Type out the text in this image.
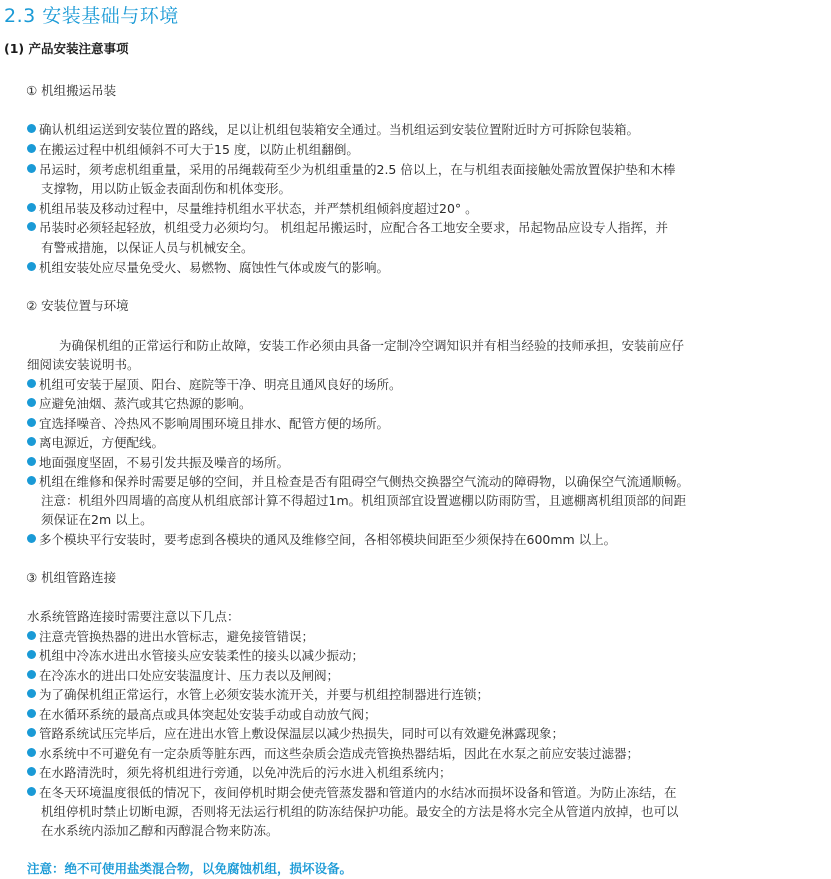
2.3 安装基础与环境
(1) 产品安装注意事项
① 机组搬运吊装
确认机组运送到安装位置的路线，足以让机组包装箱安全通过。当机组运到安装位置附近时方可拆除包装箱。
在搬运过程中机组倾斜不可大于15 度，以防止机组翻倒。
吊运时，须考虑机组重量，采用的吊绳载荷至少为机组重量的2.5 倍以上，在与机组表面接触处需放置保护垫和木棒
支撑物，用以防止钣金表面刮伤和机体变形。
机组吊装及移动过程中，尽量维持机组水平状态，并严禁机组倾斜度超过20° 。
吊装时必须轻起轻放，机组受力必须均匀。 机组起吊搬运时，应配合各工地安全要求，吊起物品应设专人指挥，并
有警戒措施，以保证人员与机械安全。
机组安装处应尽量免受火、易燃物、腐蚀性气体或废气的影响。
② 安装位置与环境
为确保机组的正常运行和防止故障，安装工作必须由具备一定制冷空调知识并有相当经验的技师承担，安装前应仔
细阅读安装说明书。
机组可安装于屋顶、阳台、庭院等干净、明亮且通风良好的场所。
应避免油烟、蒸汽或其它热源的影响。
宜选择噪音、冷热风不影响周围环境且排水、配管方便的场所。
离电源近，方便配线。
地面强度坚固，不易引发共振及噪音的场所。
机组在维修和保养时需要足够的空间，并且检查是否有阻碍空气侧热交换器空气流动的障碍物，以确保空气流通顺畅。
注意：机组外四周墙的高度从机组底部计算不得超过1m。机组顶部宜设置遮棚以防雨防雪，且遮棚离机组顶部的间距
须保证在2m 以上。
多个模块平行安装时，要考虑到各模块的通风及维修空间，各相邻模块间距至少须保持在600mm 以上。
③ 机组管路连接
水系统管路连接时需要注意以下几点：
注意壳管换热器的进出水管标志，避免接管错误；
机组中冷冻水进出水管接头应安装柔性的接头以减少振动；
在冷冻水的进出口处应安装温度计、压力表以及闸阀；
为了确保机组正常运行，水管上必须安装水流开关，并要与机组控制器进行连锁；
在水循环系统的最高点或具体突起处安装手动或自动放气阀；
管路系统试压完毕后，应在进出水管上敷设保温层以减少热损失，同时可以有效避免淋露现象；
水系统中不可避免有一定杂质等脏东西，而这些杂质会造成壳管换热器结垢，因此在水泵之前应安装过滤器；
在水路清洗时，须先将机组进行旁通，以免冲洗后的污水进入机组系统内；
在冬天环境温度很低的情况下，夜间停机时期会使壳管蒸发器和管道内的水结冰而损坏设备和管道。为防止冻结，在
机组停机时禁止切断电源，否则将无法运行机组的防冻结保护功能。最安全的方法是将水完全从管道内放掉，也可以
在水系统内添加乙醇和丙醇混合物来防冻。
注意：绝不可使用盐类混合物，以免腐蚀机组，损坏设备。
